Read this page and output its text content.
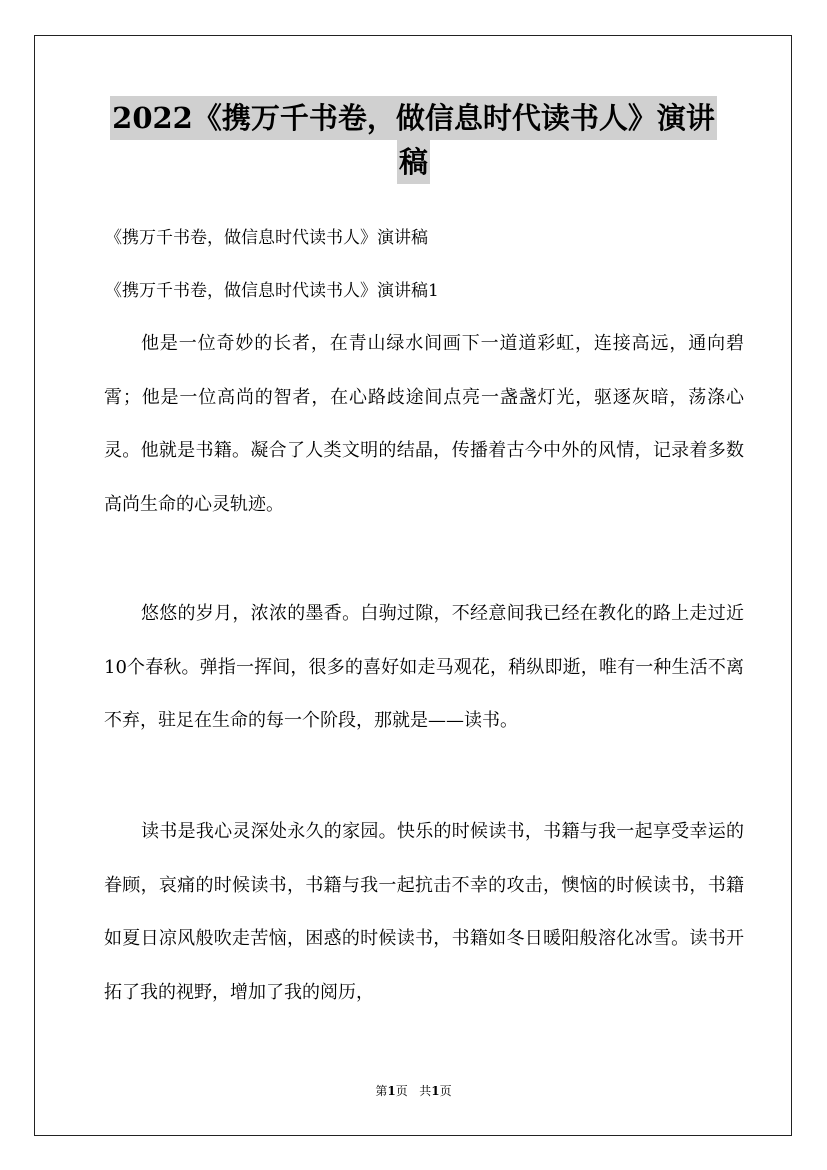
2022《携万千书卷，做信息时代读书人》演讲
稿
《携万千书卷，做信息时代读书人》演讲稿
《携万千书卷，做信息时代读书人》演讲稿1
他是一位奇妙的长者，在青山绿水间画下一道道彩虹，连接高远，通向碧霄；他是一位高尚的智者，在心路歧途间点亮一盏盏灯光，驱逐灰暗，荡涤心灵。他就是书籍。凝合了人类文明的结晶，传播着古今中外的风情，记录着多数高尚生命的心灵轨迹。
悠悠的岁月，浓浓的墨香。白驹过隙，不经意间我已经在教化的路上走过近10个春秋。弹指一挥间，很多的喜好如走马观花，稍纵即逝，唯有一种生活不离不弃，驻足在生命的每一个阶段，那就是——读书。
读书是我心灵深处永久的家园。快乐的时候读书，书籍与我一起享受幸运的眷顾，哀痛的时候读书，书籍与我一起抗击不幸的攻击，懊恼的时候读书，书籍如夏日凉风般吹走苦恼，困惑的时候读书，书籍如冬日暖阳般溶化冰雪。读书开拓了我的视野，增加了我的阅历，
第1页 共1页
